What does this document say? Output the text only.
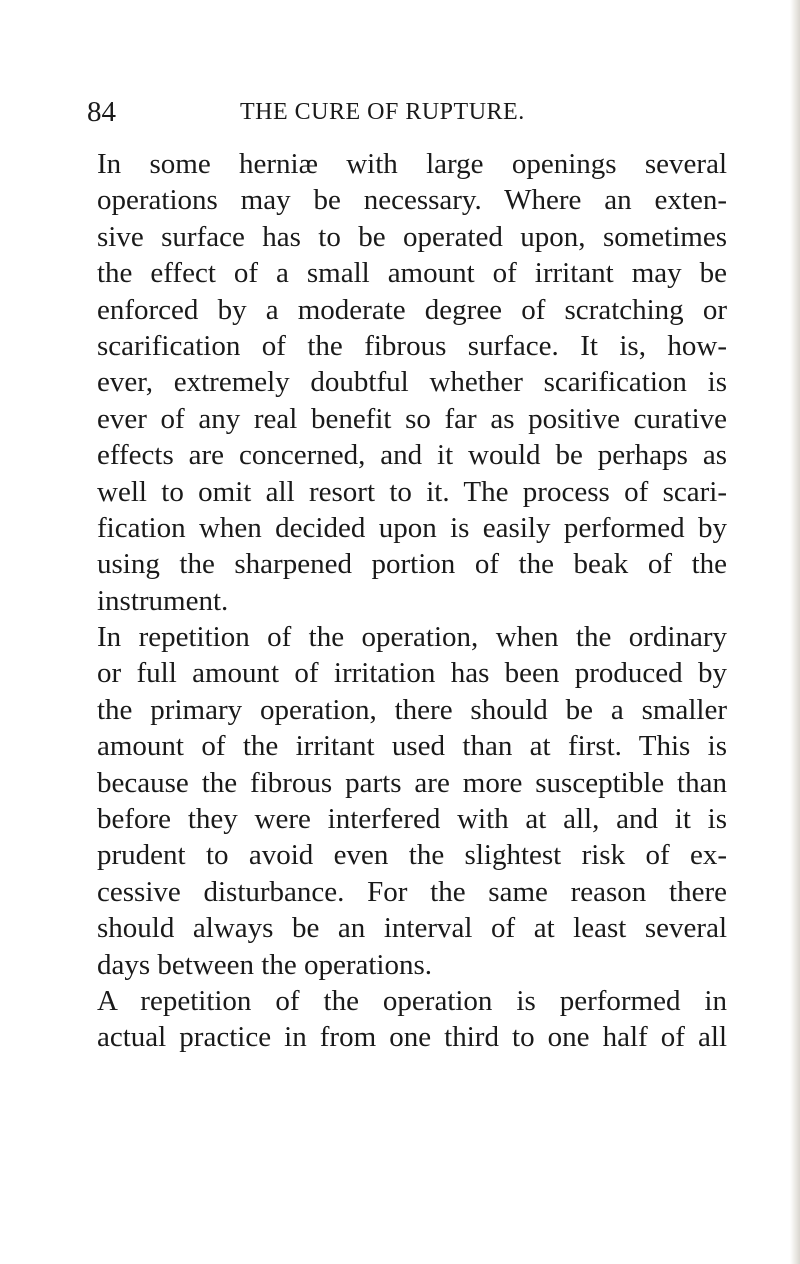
84	THE CURE OF RUPTURE.
In some herniæ with large openings several
operations may be necessary. Where an exten-
sive surface has to be operated upon, sometimes
the effect of a small amount of irritant may be
enforced by a moderate degree of scratching or
scarification of the fibrous surface. It is, how-
ever, extremely doubtful whether scarification is
ever of any real benefit so far as positive curative
effects are concerned, and it would be perhaps as
well to omit all resort to it. The process of scari-
fication when decided upon is easily performed by
using the sharpened portion of the beak of the
instrument.
In repetition of the operation, when the ordinary
or full amount of irritation has been produced by
the primary operation, there should be a smaller
amount of the irritant used than at first. This is
because the fibrous parts are more susceptible than
before they were interfered with at all, and it is
prudent to avoid even the slightest risk of ex-
cessive disturbance. For the same reason there
should always be an interval of at least several
days between the operations.
A repetition of the operation is performed in
actual practice in from one third to one half of all
